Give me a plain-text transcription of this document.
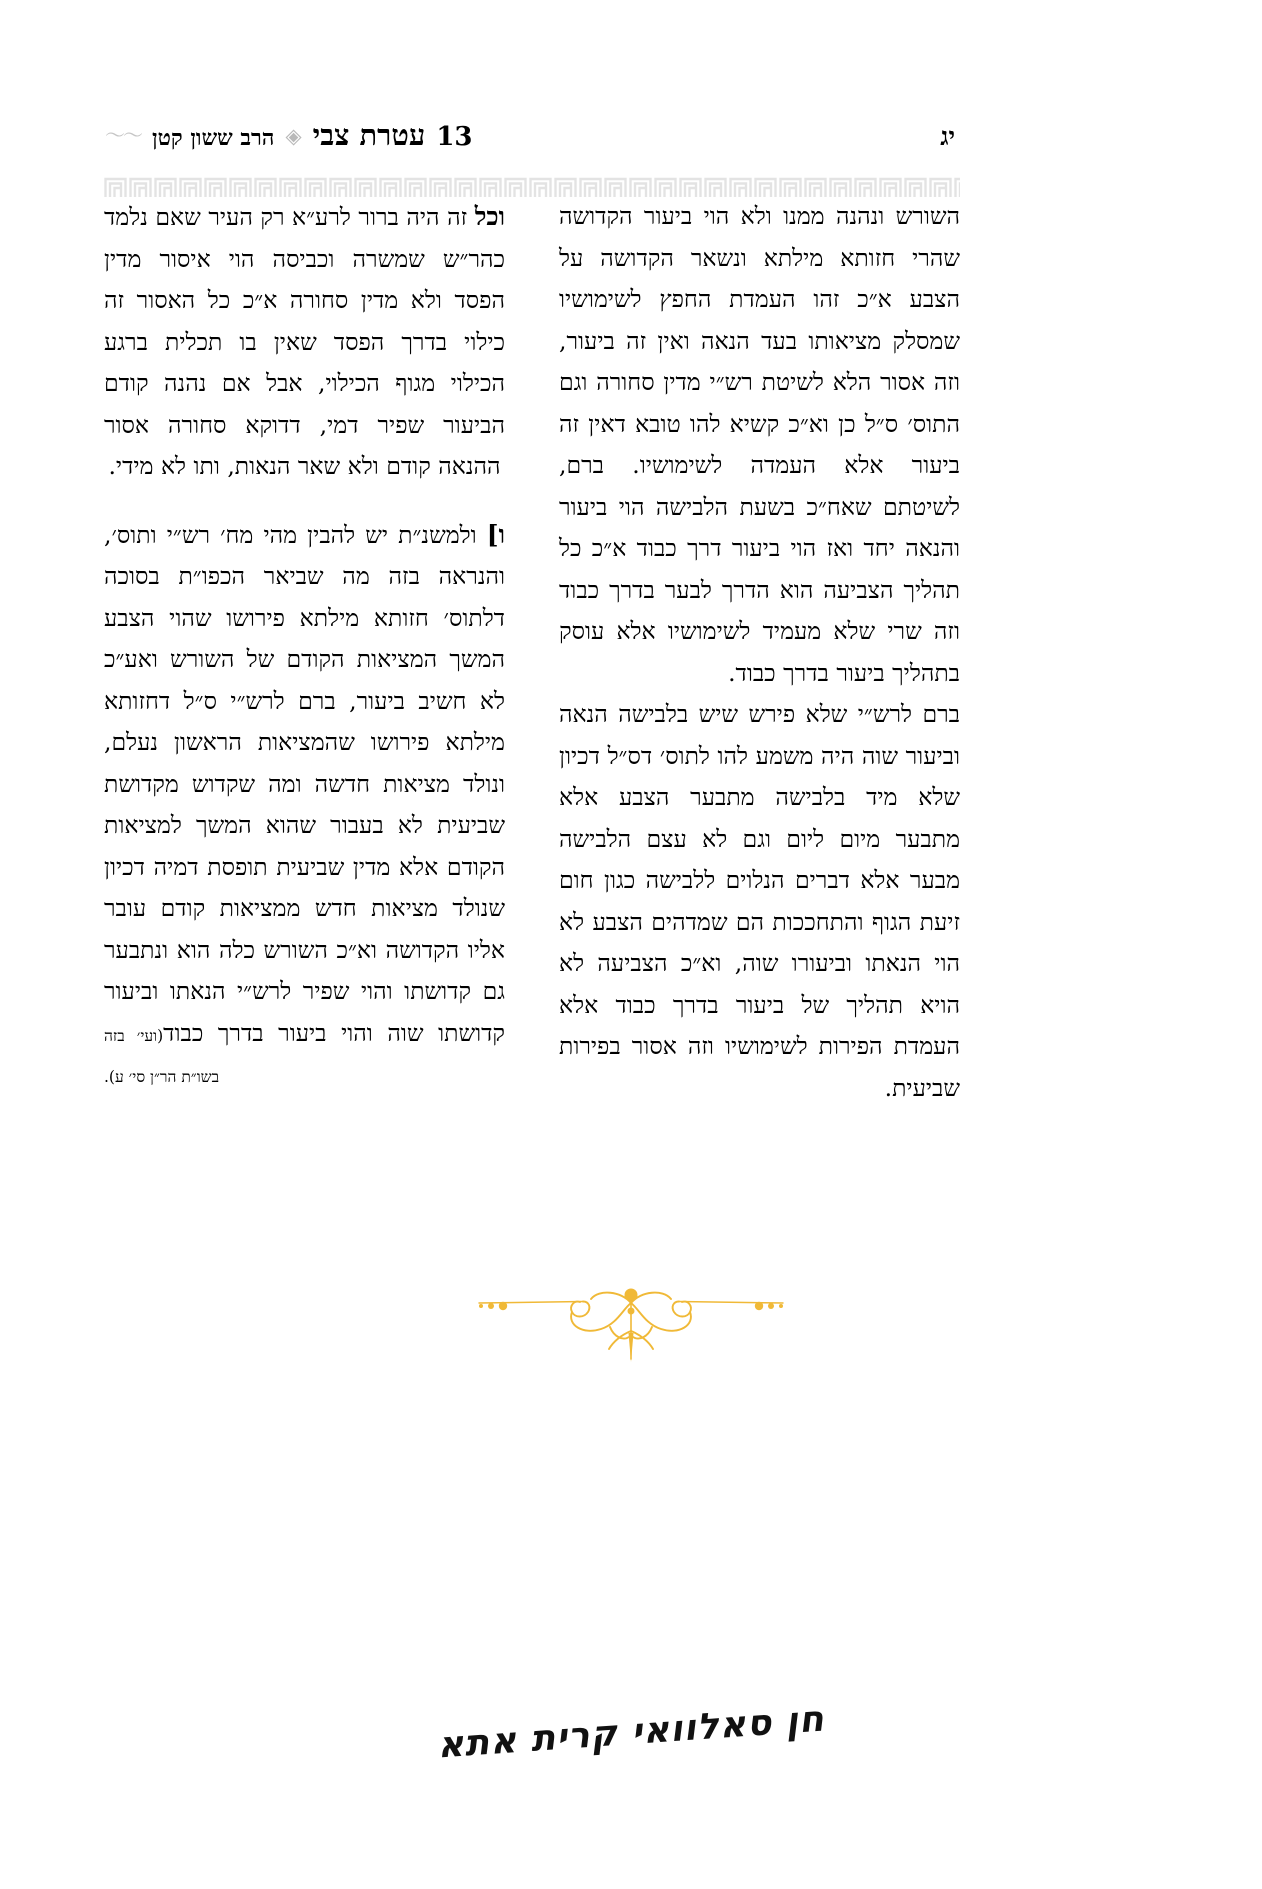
13
עטרת צבי
◈
הרב ששון קטן
〜〜	יג

השורש ונהנה ממנו ולא הוי ביעור הקדושה שהרי חזותא מילתא ונשאר הקדושה על הצבע א״כ זהו העמדת החפץ לשימושיו שמסלק מציאותו בעד הנאה ואין זה ביעור, וזה אסור הלא לשיטת רש״י מדין סחורה וגם התוס׳ ס״ל כן וא״כ קשיא להו טובא דאין זה ביעור אלא העמדה לשימושיו. ברם, לשיטתם שאח״כ בשעת הלבישה הוי ביעור והנאה יחד ואז הוי ביעור דרך כבוד א״כ כל תהליך הצביעה הוא הדרך לבער בדרך כבוד וזה שרי שלא מעמיד לשימושיו אלא עוסק בתהליך ביעור בדרך כבוד.

ברם לרש״י שלא פירש שיש בלבישה הנאה וביעור שוה היה משמע להו לתוס׳ דס״ל דכיון שלא מיד בלבישה מתבער הצבע אלא מתבער מיום ליום וגם לא עצם הלבישה מבער אלא דברים הנלוים ללבישה כגון חום זיעת הגוף והתחככות הם שמדהים הצבע לא הוי הנאתו וביעורו שוה, וא״כ הצביעה לא הויא תהליך של ביעור בדרך כבוד אלא העמדת הפירות לשימושיו וזה אסור בפירות שביעית.

וכל זה היה ברור לרע״א רק העיר שאם נלמד כהר״ש שמשרה וכביסה הוי איסור מדין הפסד ולא מדין סחורה א״כ כל האסור זה כילוי בדרך הפסד שאין בו תכלית ברגע הכילוי מגוף הכילוי, אבל אם נהנה קודם הביעור שפיר דמי, דדוקא סחורה אסור ההנאה קודם ולא שאר הנאות, ותו לא מידי.

ו] ולמשנ״ת יש להבין מהי מח׳ רש״י ותוס׳, והנראה בזה מה שביאר הכפו״ת בסוכה דלתוס׳ חזותא מילתא פירושו שהוי הצבע המשך המציאות הקודם של השורש ואע״כ לא חשיב ביעור, ברם לרש״י ס״ל דחזותא מילתא פירושו שהמציאות הראשון נעלם, ונולד מציאות חדשה ומה שקדוש מקדושת שביעית לא בעבור שהוא המשך למציאות הקודם אלא מדין שביעית תופסת דמיה דכיון שנולד מציאות חדש ממציאות קודם עובר אליו הקדושה וא״כ השורש כלה הוא ונתבער גם קדושתו והוי שפיר לרש״י הנאתו וביעור קדושתו שוה והוי ביעור בדרך כבוד(ועי׳ בזה בשו״ת הר״ן סי׳ ע).

חן סאלוואי קרית אתא
